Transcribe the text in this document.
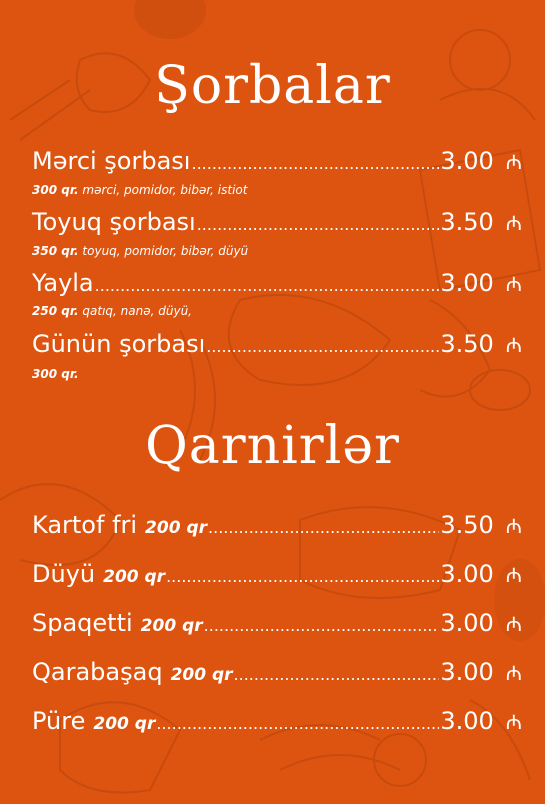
Şorbalar
Mərci şorbası .....	3.00 ₼
300 qr. mərci, pomidor, bibər, istiot
Toyuq şorbası .....	3.50 ₼
350 qr. toyuq, pomidor, bibər, düyü
Yayla .....	3.00 ₼
250 qr. qatıq, nanə, düyü,
Günün şorbası .....	3.50 ₼
300 qr.
Qarnirlər
Kartof fri 200 qr .....	3.50 ₼
Düyü 200 qr .....	3.00 ₼
Spaqetti 200 qr .....	3.00 ₼
Qarabaşaq 200 qr .....	3.00 ₼
Püre 200 qr .....	3.00 ₼
